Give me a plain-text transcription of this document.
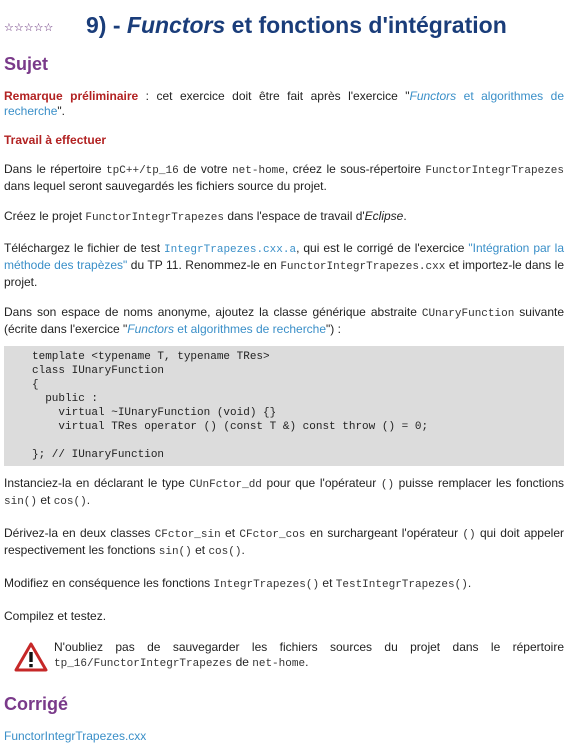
☆☆☆☆☆	9) - Functors et fonctions d'intégration
Sujet

Remarque préliminaire : cet exercice doit être fait après l'exercice "Functors et algorithmes de recherche".

Travail à effectuer

Dans le répertoire tpC++/tp_16 de votre net-home, créez le sous-répertoire FunctorIntegrTrapezes dans lequel seront sauvegardés les fichiers source du projet.

Créez le projet FunctorIntegrTrapezes dans l'espace de travail d'Eclipse.

Téléchargez le fichier de test IntegrTrapezes.cxx.a, qui est le corrigé de l'exercice "Intégration par la méthode des trapèzes" du TP 11. Renommez-le en FunctorIntegrTrapezes.cxx et importez-le dans le projet.

Dans son espace de noms anonyme, ajoutez la classe générique abstraite CUnaryFunction suivante (écrite dans l'exercice "Functors et algorithmes de recherche") :

template <typename T, typename TRes>
class IUnaryFunction
{
public :
virtual ~IUnaryFunction (void) {}
virtual TRes operator () (const T &) const throw () = 0;

}; // IUnaryFunction

Instanciez-la en déclarant le type CUnFctor_dd pour que l'opérateur () puisse remplacer les fonctions sin() et cos().

Dérivez-la en deux classes CFctor_sin et CFctor_cos en surchargeant l'opérateur () qui doit appeler respectivement les fonctions sin() et cos().

Modifiez en conséquence les fonctions IntegrTrapezes() et TestIntegrTrapezes().

Compilez et testez.

N'oubliez pas de sauvegarder les fichiers sources du projet dans le répertoire tp_16/FunctorIntegrTrapezes de net-home.

Corrigé

FunctorIntegrTrapezes.cxx
